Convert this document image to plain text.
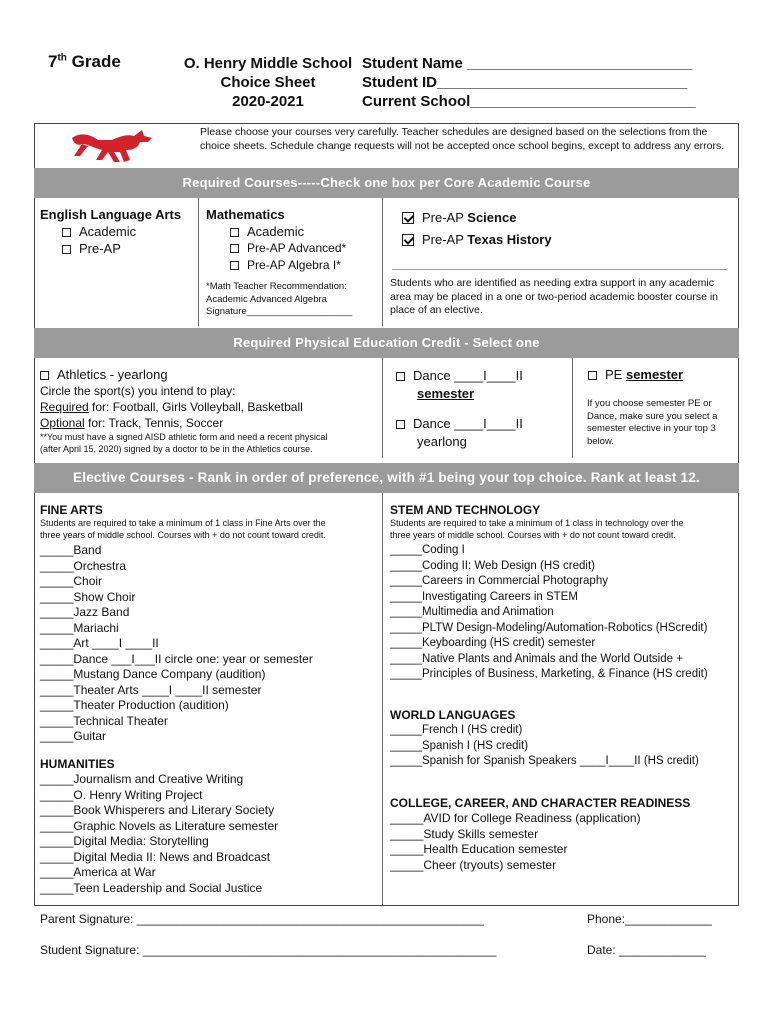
7th Grade	O. Henry Middle School
Choice Sheet
2020-2021
Student Name ___________________________
Student ID______________________________
Current School___________________________
Please choose your courses very carefully. Teacher schedules are designed based on the selections from the choice sheets. Schedule change requests will not be accepted once school begins, except to address any errors.
Required Courses-----Check one box per Core Academic Course
English Language Arts
Academic
Pre-AP
Mathematics
Academic
Pre-AP Advanced*
Pre-AP Algebra I*
*Math Teacher Recommendation:
Academic Advanced Algebra
Signature____________________
Pre-AP Science
Pre-AP Texas History
Students who are identified as needing extra support in any academic area may be placed in a one or two-period academic booster course in place of an elective.
Required Physical Education Credit - Select one
Athletics - yearlong
Circle the sport(s) you intend to play:
Required for: Football, Girls Volleyball, Basketball
Optional for: Track, Tennis, Soccer
**You must have a signed AISD athletic form and need a recent physical
(after April 15, 2020) signed by a doctor to be in the Athletics course.
Dance ____I____II
semester
Dance ____I____II
yearlong
PE semester
If you choose semester PE or Dance, make sure you select a semester elective in your top 3 below.
Elective Courses - Rank in order of preference, with #1 being your top choice. Rank at least 12.
FINE ARTS
Students are required to take a minimum of 1 class in Fine Arts over the
three years of middle school. Courses with + do not count toward credit.
_____Band
_____Orchestra
_____Choir
_____Show Choir
_____Jazz Band
_____Mariachi
_____Art ____I ____II
_____Dance ___I___II circle one: year or semester
_____Mustang Dance Company (audition)
_____Theater Arts ____I ____II semester
_____Theater Production (audition)
_____Technical Theater
_____Guitar
HUMANITIES
_____Journalism and Creative Writing
_____O. Henry Writing Project
_____Book Whisperers and Literary Society
_____Graphic Novels as Literature semester
_____Digital Media: Storytelling
_____Digital Media II: News and Broadcast
_____America at War
_____Teen Leadership and Social Justice
STEM AND TECHNOLOGY
Students are required to take a minimum of 1 class in technology over the
three years of middle school. Courses with + do not count toward credit.
_____Coding I
_____Coding II: Web Design (HS credit)
_____Careers in Commercial Photography
_____Investigating Careers in STEM
_____Multimedia and Animation
_____PLTW Design-Modeling/Automation-Robotics (HScredit)
_____Keyboarding (HS credit) semester
_____Native Plants and Animals and the World Outside +
_____Principles of Business, Marketing, & Finance (HS credit)
WORLD LANGUAGES
_____French I (HS credit)
_____Spanish I (HS credit)
_____Spanish for Spanish Speakers ____I____II (HS credit)
COLLEGE, CAREER, AND CHARACTER READINESS
_____AVID for College Readiness (application)
_____Study Skills semester
_____Health Education semester
_____Cheer (tryouts) semester
Parent Signature: ____________________________________________________	Phone:_____________
Student Signature: _____________________________________________________	Date: _____________
